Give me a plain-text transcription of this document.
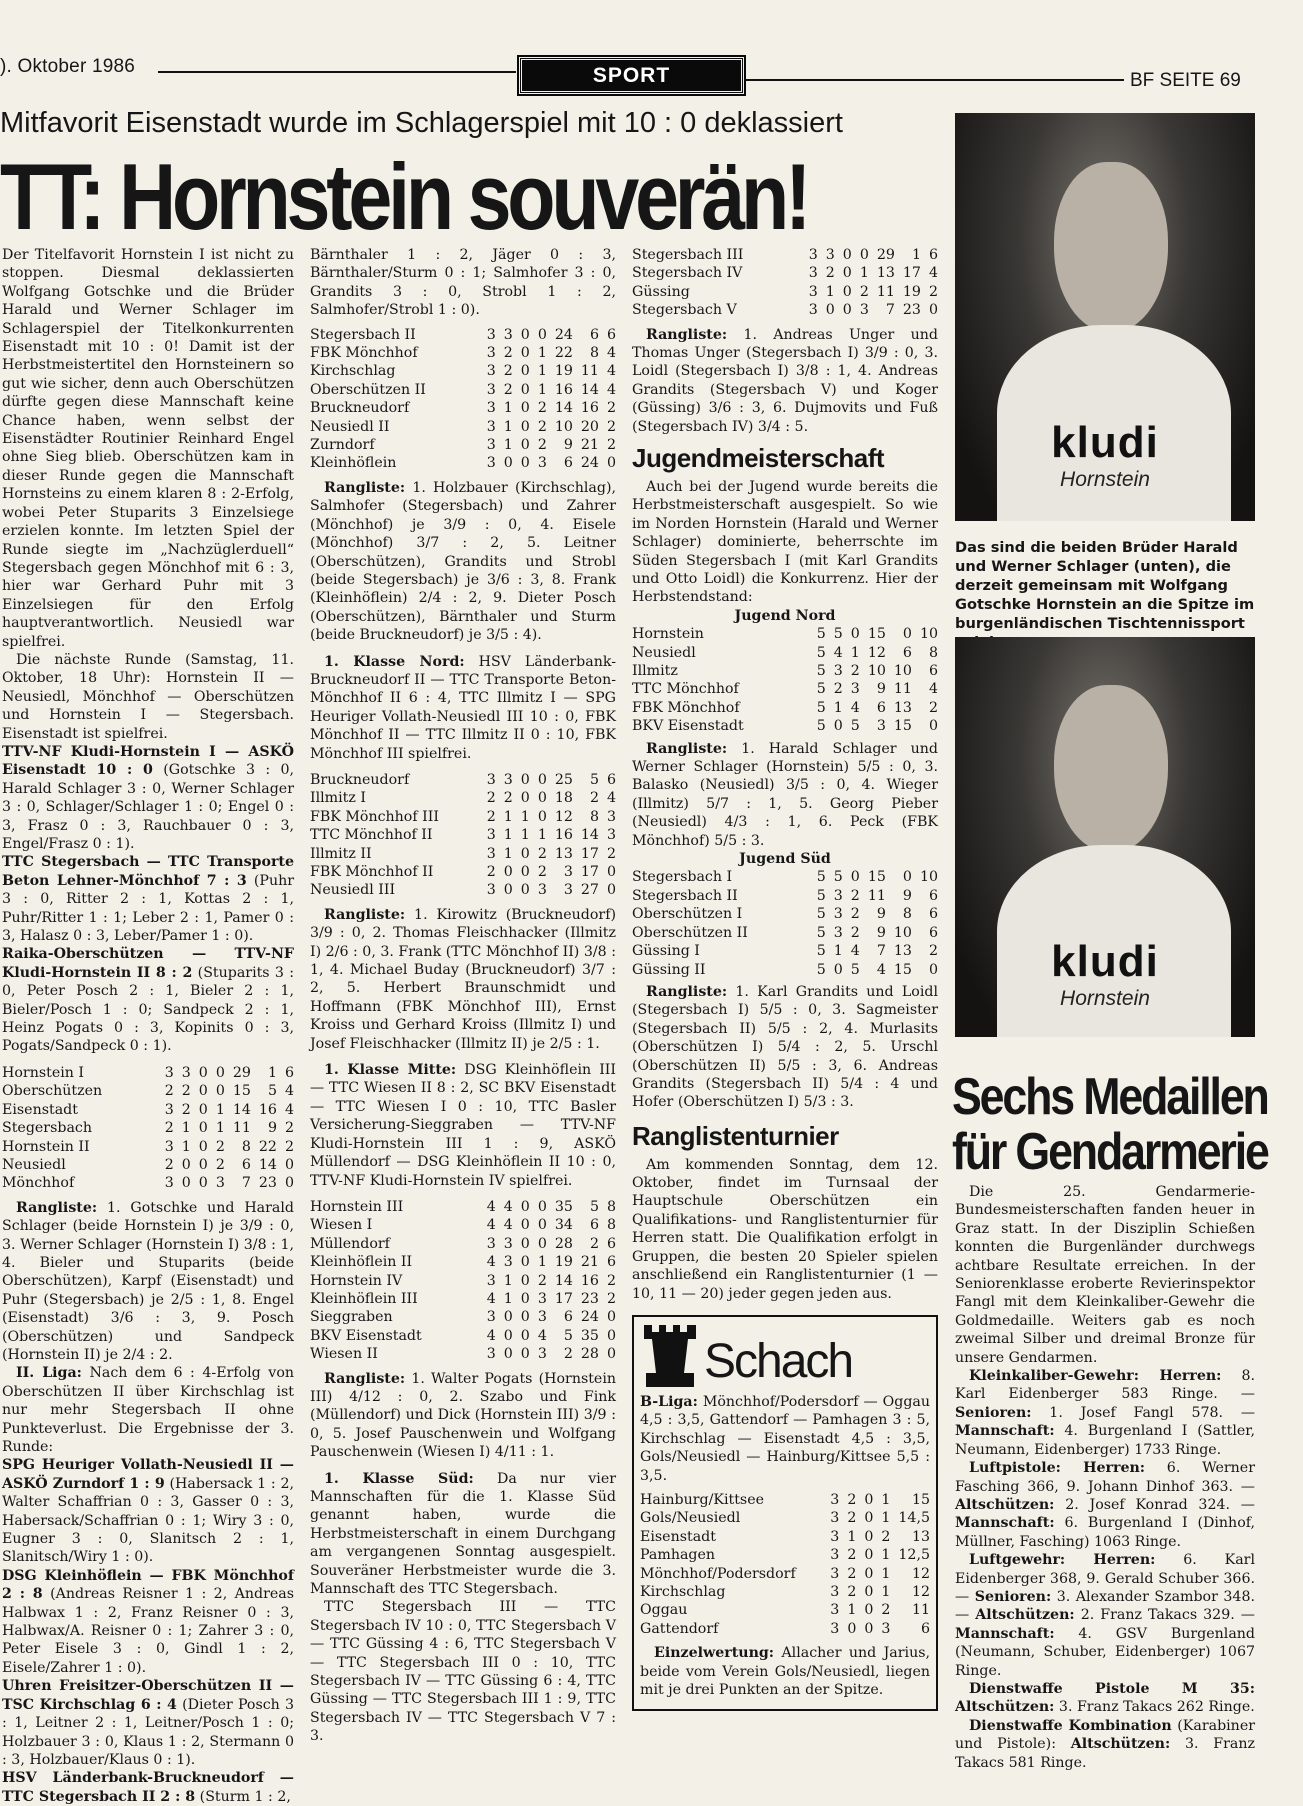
). Oktober 1986	SPORT	BF SEITE 69
Mitfavorit Eisenstadt wurde im Schlagerspiel mit 10 : 0 deklassiert
TT: Hornstein souverän!

Der Titelfavorit Hornstein I ist nicht zu stoppen. Diesmal deklassierten Wolfgang Gotschke und die Brüder Harald und Werner Schlager im Schlagerspiel der Titelkonkurrenten Eisenstadt mit 10 : 0! Damit ist der Herbstmeistertitel den Hornsteinern so gut wie sicher, denn auch Oberschützen dürfte gegen diese Mannschaft keine Chance haben, wenn selbst der Eisenstädter Routinier Reinhard Engel ohne Sieg blieb. Oberschützen kam in dieser Runde gegen die Mannschaft Hornsteins zu einem klaren 8 : 2-Erfolg, wobei Peter Stuparits 3 Einzelsiege erzielen konnte. Im letzten Spiel der Runde siegte im „Nachzüglerduell“ Stegersbach gegen Mönchhof mit 6 : 3, hier war Gerhard Puhr mit 3 Einzelsiegen für den Erfolg hauptverantwortlich. Neusiedl war spielfrei.

Die nächste Runde (Samstag, 11. Oktober, 18 Uhr): Hornstein II — Neusiedl, Mönchhof — Oberschützen und Hornstein I — Stegersbach. Eisenstadt ist spielfrei.

TTV-NF Kludi-Hornstein I — ASKÖ Eisenstadt 10 : 0 (Gotschke 3 : 0, Harald Schlager 3 : 0, Werner Schlager 3 : 0, Schlager/Schlager 1 : 0; Engel 0 : 3, Frasz 0 : 3, Rauchbauer 0 : 3, Engel/Frasz 0 : 1).

TTC Stegersbach — TTC Transporte Beton Lehner-Mönchhof 7 : 3 (Puhr 3 : 0, Ritter 2 : 1, Kottas 2 : 1, Puhr/Ritter 1 : 1; Leber 2 : 1, Pamer 0 : 3, Halasz 0 : 3, Leber/Pamer 1 : 0).

Raika-Oberschützen — TTV-NF Kludi-Hornstein II 8 : 2 (Stuparits 3 : 0, Peter Posch 2 : 1, Bieler 2 : 1, Bieler/Posch 1 : 0; Sandpeck 2 : 1, Heinz Pogats 0 : 3, Kopinits 0 : 3, Pogats/Sandpeck 0 : 1).

Hornstein I	3	3	0	0	29	1	6
Oberschützen	2	2	0	0	15	5	4
Eisenstadt	3	2	0	1	14	16	4
Stegersbach	2	1	0	1	11	9	2
Hornstein II	3	1	0	2	8	22	2
Neusiedl	2	0	0	2	6	14	0
Mönchhof	3	0	0	3	7	23	0

Rangliste: 1. Gotschke und Harald Schlager (beide Hornstein I) je 3/9 : 0, 3. Werner Schlager (Hornstein I) 3/8 : 1, 4. Bieler und Stuparits (beide Oberschützen), Karpf (Eisenstadt) und Puhr (Stegersbach) je 2/5 : 1, 8. Engel (Eisenstadt) 3/6 : 3, 9. Posch (Oberschützen) und Sandpeck (Hornstein II) je 2/4 : 2.

II. Liga: Nach dem 6 : 4-Erfolg von Oberschützen II über Kirchschlag ist nur mehr Stegersbach II ohne Punkteverlust. Die Ergebnisse der 3. Runde:

SPG Heuriger Vollath-Neusiedl II — ASKÖ Zurndorf 1 : 9 (Habersack 1 : 2, Walter Schaffrian 0 : 3, Gasser 0 : 3, Habersack/Schaffrian 0 : 1; Wiry 3 : 0, Eugner 3 : 0, Slanitsch 2 : 1, Slanitsch/Wiry 1 : 0).

DSG Kleinhöflein — FBK Mönchhof 2 : 8 (Andreas Reisner 1 : 2, Andreas Halbwax 1 : 2, Franz Reisner 0 : 3, Halbwax/A. Reisner 0 : 1; Zahrer 3 : 0, Peter Eisele 3 : 0, Gindl 1 : 2, Eisele/Zahrer 1 : 0).

Uhren Freisitzer-Oberschützen II — TSC Kirchschlag 6 : 4 (Dieter Posch 3 : 1, Leitner 2 : 1, Leitner/Posch 1 : 0; Holzbauer 3 : 0, Klaus 1 : 2, Stermann 0 : 3, Holzbauer/Klaus 0 : 1).

HSV Länderbank-Bruckneudorf — TTC Stegersbach II 2 : 8 (Sturm 1 : 2,

Bärnthaler 1 : 2, Jäger 0 : 3, Bärnthaler/Sturm 0 : 1; Salmhofer 3 : 0, Grandits 3 : 0, Strobl 1 : 2, Salmhofer/Strobl 1 : 0).

Stegersbach II	3	3	0	0	24	6	6
FBK Mönchhof	3	2	0	1	22	8	4
Kirchschlag	3	2	0	1	19	11	4
Oberschützen II	3	2	0	1	16	14	4
Bruckneudorf	3	1	0	2	14	16	2
Neusiedl II	3	1	0	2	10	20	2
Zurndorf	3	1	0	2	9	21	2
Kleinhöflein	3	0	0	3	6	24	0

Rangliste: 1. Holzbauer (Kirchschlag), Salmhofer (Stegersbach) und Zahrer (Mönchhof) je 3/9 : 0, 4. Eisele (Mönchhof) 3/7 : 2, 5. Leitner (Oberschützen), Grandits und Strobl (beide Stegersbach) je 3/6 : 3, 8. Frank (Kleinhöflein) 2/4 : 2, 9. Dieter Posch (Oberschützen), Bärnthaler und Sturm (beide Bruckneudorf) je 3/5 : 4).

1. Klasse Nord: HSV Länderbank-Bruckneudorf II — TTC Transporte Beton-Mönchhof II 6 : 4, TTC Illmitz I — SPG Heuriger Vollath-Neusiedl III 10 : 0, FBK Mönchhof II — TTC Illmitz II 0 : 10, FBK Mönchhof III spielfrei.

Bruckneudorf	3	3	0	0	25	5	6
Illmitz I	2	2	0	0	18	2	4
FBK Mönchhof III	2	1	1	0	12	8	3
TTC Mönchhof II	3	1	1	1	16	14	3
Illmitz II	3	1	0	2	13	17	2
FBK Mönchhof II	2	0	0	2	3	17	0
Neusiedl III	3	0	0	3	3	27	0

Rangliste: 1. Kirowitz (Bruckneudorf) 3/9 : 0, 2. Thomas Fleischhacker (Illmitz I) 2/6 : 0, 3. Frank (TTC Mönchhof II) 3/8 : 1, 4. Michael Buday (Bruckneudorf) 3/7 : 2, 5. Herbert Braunschmidt und Hoffmann (FBK Mönchhof III), Ernst Kroiss und Gerhard Kroiss (Illmitz I) und Josef Fleischhacker (Illmitz II) je 2/5 : 1.

1. Klasse Mitte: DSG Kleinhöflein III — TTC Wiesen II 8 : 2, SC BKV Eisenstadt — TTC Wiesen I 0 : 10, TTC Basler Versicherung-Sieggraben — TTV-NF Kludi-Hornstein III 1 : 9, ASKÖ Müllendorf — DSG Kleinhöflein II 10 : 0, TTV-NF Kludi-Hornstein IV spielfrei.

Hornstein III	4	4	0	0	35	5	8
Wiesen I	4	4	0	0	34	6	8
Müllendorf	3	3	0	0	28	2	6
Kleinhöflein II	4	3	0	1	19	21	6
Hornstein IV	3	1	0	2	14	16	2
Kleinhöflein III	4	1	0	3	17	23	2
Sieggraben	3	0	0	3	6	24	0
BKV Eisenstadt	4	0	0	4	5	35	0
Wiesen II	3	0	0	3	2	28	0

Rangliste: 1. Walter Pogats (Hornstein III) 4/12 : 0, 2. Szabo und Fink (Müllendorf) und Dick (Hornstein III) 3/9 : 0, 5. Josef Pauschenwein und Wolfgang Pauschenwein (Wiesen I) 4/11 : 1.

1. Klasse Süd: Da nur vier Mannschaften für die 1. Klasse Süd genannt haben, wurde die Herbstmeisterschaft in einem Durchgang am vergangenen Sonntag ausgespielt. Souveräner Herbstmeister wurde die 3. Mannschaft des TTC Stegersbach.

TTC Stegersbach III — TTC Stegersbach IV 10 : 0, TTC Stegersbach V — TTC Güssing 4 : 6, TTC Stegersbach V — TTC Stegersbach III 0 : 10, TTC Stegersbach IV — TTC Güssing 6 : 4, TTC Güssing — TTC Stegersbach III 1 : 9, TTC Stegersbach IV — TTC Stegersbach V 7 : 3.

Stegersbach III	3	3	0	0	29	1	6
Stegersbach IV	3	2	0	1	13	17	4
Güssing	3	1	0	2	11	19	2
Stegersbach V	3	0	0	3	7	23	0

Rangliste: 1. Andreas Unger und Thomas Unger (Stegersbach I) 3/9 : 0, 3. Loidl (Stegersbach I) 3/8 : 1, 4. Andreas Grandits (Stegersbach V) und Koger (Güssing) 3/6 : 3, 6. Dujmovits und Fuß (Stegersbach IV) 3/4 : 5.

Jugendmeisterschaft

Auch bei der Jugend wurde bereits die Herbstmeisterschaft ausgespielt. So wie im Norden Hornstein (Harald und Werner Schlager) dominierte, beherrschte im Süden Stegersbach I (mit Karl Grandits und Otto Loidl) die Konkurrenz. Hier der Herbstendstand:

Jugend Nord
Hornstein	5	5	0	15	0	10
Neusiedl	5	4	1	12	6	8
Illmitz	5	3	2	10	10	6
TTC Mönchhof	5	2	3	9	11	4
FBK Mönchhof	5	1	4	6	13	2
BKV Eisenstadt	5	0	5	3	15	0

Rangliste: 1. Harald Schlager und Werner Schlager (Hornstein) 5/5 : 0, 3. Balasko (Neusiedl) 3/5 : 0, 4. Wieger (Illmitz) 5/7 : 1, 5. Georg Pieber (Neusiedl) 4/3 : 1, 6. Peck (FBK Mönchhof) 5/5 : 3.

Jugend Süd
Stegersbach I	5	5	0	15	0	10
Stegersbach II	5	3	2	11	9	6
Oberschützen I	5	3	2	9	8	6
Oberschützen II	5	3	2	9	10	6
Güssing I	5	1	4	7	13	2
Güssing II	5	0	5	4	15	0

Rangliste: 1. Karl Grandits und Loidl (Stegersbach I) 5/5 : 0, 3. Sagmeister (Stegersbach II) 5/5 : 2, 4. Murlasits (Oberschützen I) 5/4 : 2, 5. Urschl (Oberschützen II) 5/5 : 3, 6. Andreas Grandits (Stegersbach II) 5/4 : 4 und Hofer (Oberschützen I) 5/3 : 3.

Ranglistenturnier

Am kommenden Sonntag, dem 12. Oktober, findet im Turnsaal der Hauptschule Oberschützen ein Qualifikations- und Ranglistenturnier für Herren statt. Die Qualifikation erfolgt in Gruppen, die besten 20 Spieler spielen anschließend ein Ranglistenturnier (1 — 10, 11 — 20) jeder gegen jeden aus.

Schach

B-Liga: Mönchhof/Podersdorf — Oggau 4,5 : 3,5, Gattendorf — Pamhagen 3 : 5, Kirchschlag — Eisenstadt 4,5 : 3,5, Gols/Neusiedl — Hainburg/Kittsee 5,5 : 3,5.

Hainburg/Kittsee	3	2	0	1	15
Gols/Neusiedl	3	2	0	1	14,5
Eisenstadt	3	1	0	2	13
Pamhagen	3	2	0	1	12,5
Mönchhof/Podersdorf	3	2	0	1	12
Kirchschlag	3	2	0	1	12
Oggau	3	1	0	2	11
Gattendorf	3	0	0	3	6

Einzelwertung: Allacher und Jarius, beide vom Verein Gols/Neusiedl, liegen mit je drei Punkten an der Spitze.

kludi
Hornstein
Das sind die beiden Brüder Harald und Werner Schlager (unten), die derzeit gemeinsam mit Wolfgang Gotschke Hornstein an die Spitze im burgenländischen Tischtennissport
kludi
Hornstein
Sechs Medaillen
für Gendarmerie

Die 25. Gendarmerie-Bundesmeisterschaften fanden heuer in Graz statt. In der Disziplin Schießen konnten die Burgenländer durchwegs achtbare Resultate erreichen. In der Seniorenklasse eroberte Revierinspektor Fangl mit dem Kleinkaliber-Gewehr die Goldmedaille. Weiters gab es noch zweimal Silber und dreimal Bronze für unsere Gendarmen.

Kleinkaliber-Gewehr: Herren: 8. Karl Eidenberger 583 Ringe. — Senioren: 1. Josef Fangl 578. — Mannschaft: 4. Burgenland I (Sattler, Neumann, Eidenberger) 1733 Ringe.

Luftpistole: Herren: 6. Werner Fasching 366, 9. Johann Dinhof 363. — Altschützen: 2. Josef Konrad 324. — Mannschaft: 6. Burgenland I (Dinhof, Müllner, Fasching) 1063 Ringe.

Luftgewehr: Herren: 6. Karl Eidenberger 368, 9. Gerald Schuber 366. — Senioren: 3. Alexander Szambor 348. — Altschützen: 2. Franz Takacs 329. — Mannschaft: 4. GSV Burgenland (Neumann, Schuber, Eidenberger) 1067 Ringe.

Dienstwaffe Pistole M 35: Altschützen: 3. Franz Takacs 262 Ringe.

Dienstwaffe Kombination (Karabiner und Pistole): Altschützen: 3. Franz Takacs 581 Ringe.
